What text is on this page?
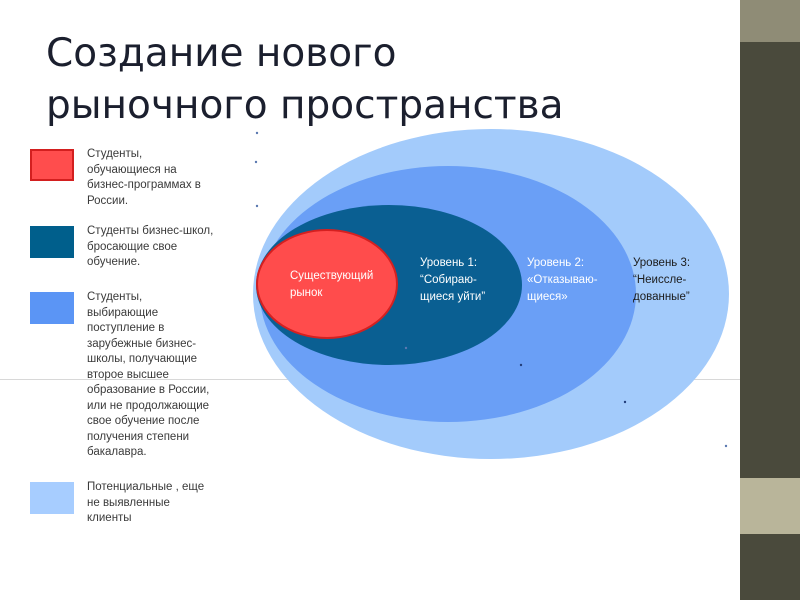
Создание нового
рыночного пространства
Студенты,
обучающиеся на
бизнес-программах в
России.
Студенты бизнес-школ,
бросающие свое
обучение.
Студенты,
выбирающие
поступление в
зарубежные бизнес-
школы, получающие
второе высшее
образование в России,
или не продолжающие
свое обучение после
получения степени
бакалавра.
Потенциальные , еще
не выявленные
клиенты
Существующий рынок
Уровень 1: “Собираю- щиеся уйти”
Уровень 2: «Отказываю- щиеся»
Уровень 3: “Неиссле- дованные”
